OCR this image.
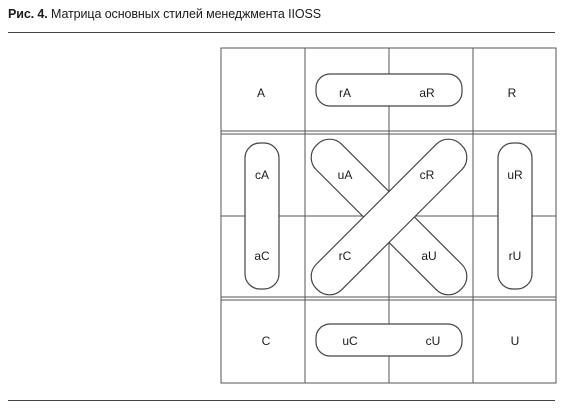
Рис. 4. Матрица основных стилей менеджмента IIOSS
A	rA	aR	R
cA	uA	cR	uR
aC	rC	aU	rU
C	uC	cU	U
